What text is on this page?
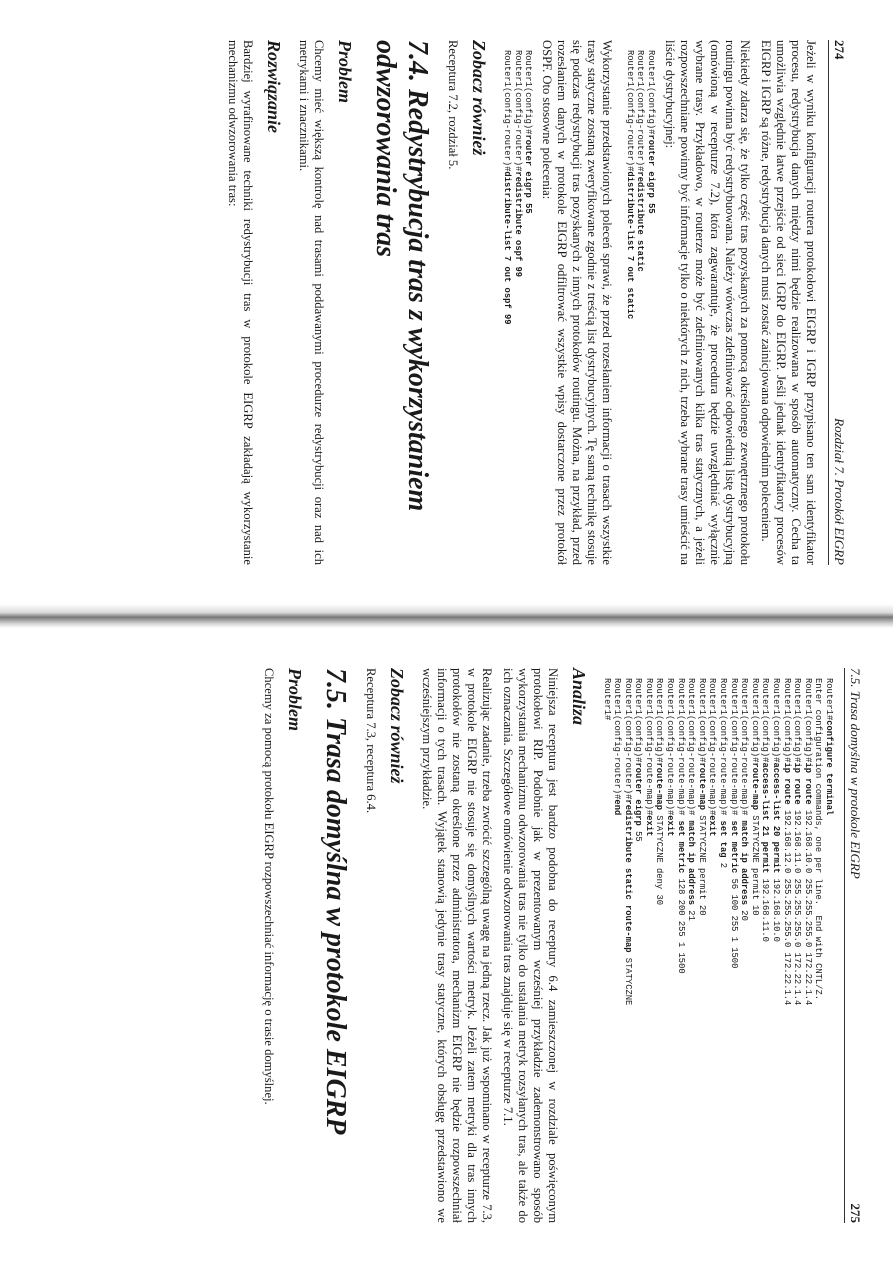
274
Rozdział 7. Protokół EIGRP

Jeżeli w wyniku konfiguracji routera protokołowi EIGRP i IGRP przypisano ten sam identyfikator procesu, redystrybucja danych między nimi będzie realizowana w sposób automatyczny. Cecha ta umożliwia względnie łatwe przejście od sieci IGRP do EIGRP. Jeśli jednak identyfikatory procesów EIGRP i IGRP są różne, redystrybucja danych musi zostać zainicjowana odpowiednim poleceniem.

Niekiedy zdarza się, że tylko część tras pozyskanych za pomocą określonego zewnętrznego protokołu routingu powinna być redystrybuowana. Należy wówczas zdefiniować odpowiednią listę dystrybucyjną (omówioną w recepturze 7.2), która zagwarantuje, że procedura będzie uwzględniać wyłącznie wybrane trasy. Przykładowo, w routerze może być zdefiniowanych kilka tras statycznych, a jeżeli rozpowszechniane powinny być informacje tylko o niektórych z nich, trzeba wybrane trasy umieścić na liście dystrybucyjnej:

Router1(config)#router eigrp 55
Router1(config-router)#redistribute static
Router1(config-router)#distribute-list 7 out static

Wykorzystanie przedstawionych poleceń sprawi, że przed rozesłaniem informacji o trasach wszystkie trasy statyczne zostaną zweryfikowane zgodnie z treścią list dystrybucyjnych. Tę samą technikę stosuje się podczas redystrybucji tras pozyskanych z innych protokołów routingu. Można, na przykład, przed rozesłaniem danych w protokole EIGRP odfiltrować wszystkie wpisy dostarczone przez protokół OSPF. Oto stosowne polecenia:

Router1(config)#router eigrp 55
Router1(config-router)#redistribute ospf 99
Router1(config-router)#distribute-list 7 out ospf 99
Zobacz również

Receptura 7.2, rozdział 5.

7.4. Redystrybucja tras z wykorzystaniem odwzorowania tras
Problem

Chcemy mieć większą kontrolę nad trasami poddawanymi procedurze redystrybucji oraz nad ich metrykami i znacznikami.

Rozwiązanie

Bardziej wyrafinowane techniki redystrybucji tras w protokole EIGRP zakładają wykorzystanie mechanizmu odwzorowania tras:

7.5. Trasa domyślna w protokole EIGRP
275
Router1#configure terminal
Enter configuration commands, one per line.  End with CNTL/Z.
Router1(config)#ip route 192.168.10.0 255.255.255.0 172.22.1.4
Router1(config)#ip route 192.168.11.0 255.255.255.0 172.22.1.4
Router1(config)#ip route 192.168.12.0 255.255.255.0 172.22.1.4
Router1(config)#access-list 20 permit 192.168.10.0
Router1(config)#access-list 21 permit 192.168.11.0
Router1(config)#route-map STATYCZNE permit 10
Router1(config-route-map)# match ip address 20
Router1(config-route-map)# set metric 56 100 255 1 1500
Router1(config-route-map)# set tag 2
Router1(config-route-map)#exit
Router1(config)#route-map STATYCZNE permit 20
Router1(config-route-map)# match ip address 21
Router1(config-route-map)# set metric 128 200 255 1 1500
Router1(config-route-map)#exit
Router1(config)#route-map STATYCZNE deny 30
Router1(config-route-map)#exit
Router1(config)#router eigrp 55
Router1(config-router)#redistribute static route-map STATYCZNE
Router1(config-router)#end
Router1#
Analiza

Niniejsza receptura jest bardzo podobna do receptury 6.4 zamieszczonej w rozdziale poświęconym protokołowi RIP. Podobnie jak w prezentowanym wcześniej przykładzie zademonstrowano sposób wykorzystania mechanizmu odwzorowania tras nie tylko do ustalania metryk rozsyłanych tras, ale także do ich oznaczania. Szczegółowe omówienie odwzorowania tras znajduje się w recepturze 7.1.

Realizując zadanie, trzeba zwrócić szczególną uwagę na jedną rzecz. Jak już wspominano w recepturze 7.3, w protokole EIGRP nie stosuje się domyślnych wartości metryk. Jeżeli zatem metryki dla tras innych protokołów nie zostaną określone przez administratora, mechanizm EIGRP nie będzie rozpowszechniał informacji o tych trasach. Wyjątek stanowią jedynie trasy statyczne, których obsługę przedstawiono we wcześniejszym przykładzie.

Zobacz również

Receptura 7.3, receptura 6.4.

7.5. Trasa domyślna w protokole EIGRP
Problem

Chcemy za pomocą protokołu EIGRP rozpowszechniać informację o trasie domyślnej.
